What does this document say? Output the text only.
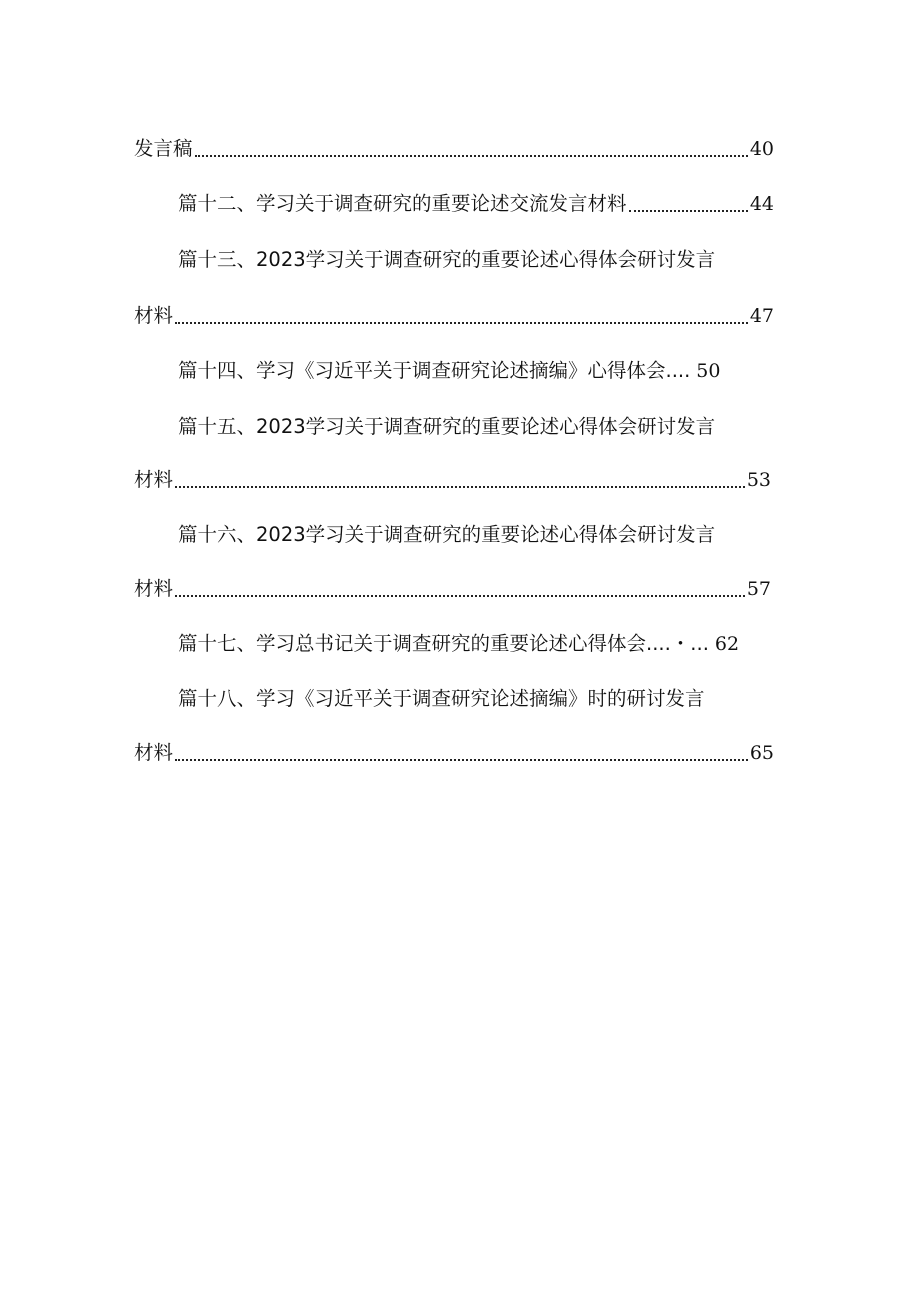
发言稿	40
篇十二、学习关于调查研究的重要论述交流发言材料	44
篇十三、2023学习关于调查研究的重要论述心得体会研讨发言
材料	47
篇十四、学习《习近平关于调查研究论述摘编》心得体会.... 50
篇十五、2023学习关于调查研究的重要论述心得体会研讨发言
材料	53
篇十六、2023学习关于调查研究的重要论述心得体会研讨发言
材料	57
篇十七、学习总书记关于调查研究的重要论述心得体会....・... 62
篇十八、学习《习近平关于调查研究论述摘编》时的研讨发言
材料	65
